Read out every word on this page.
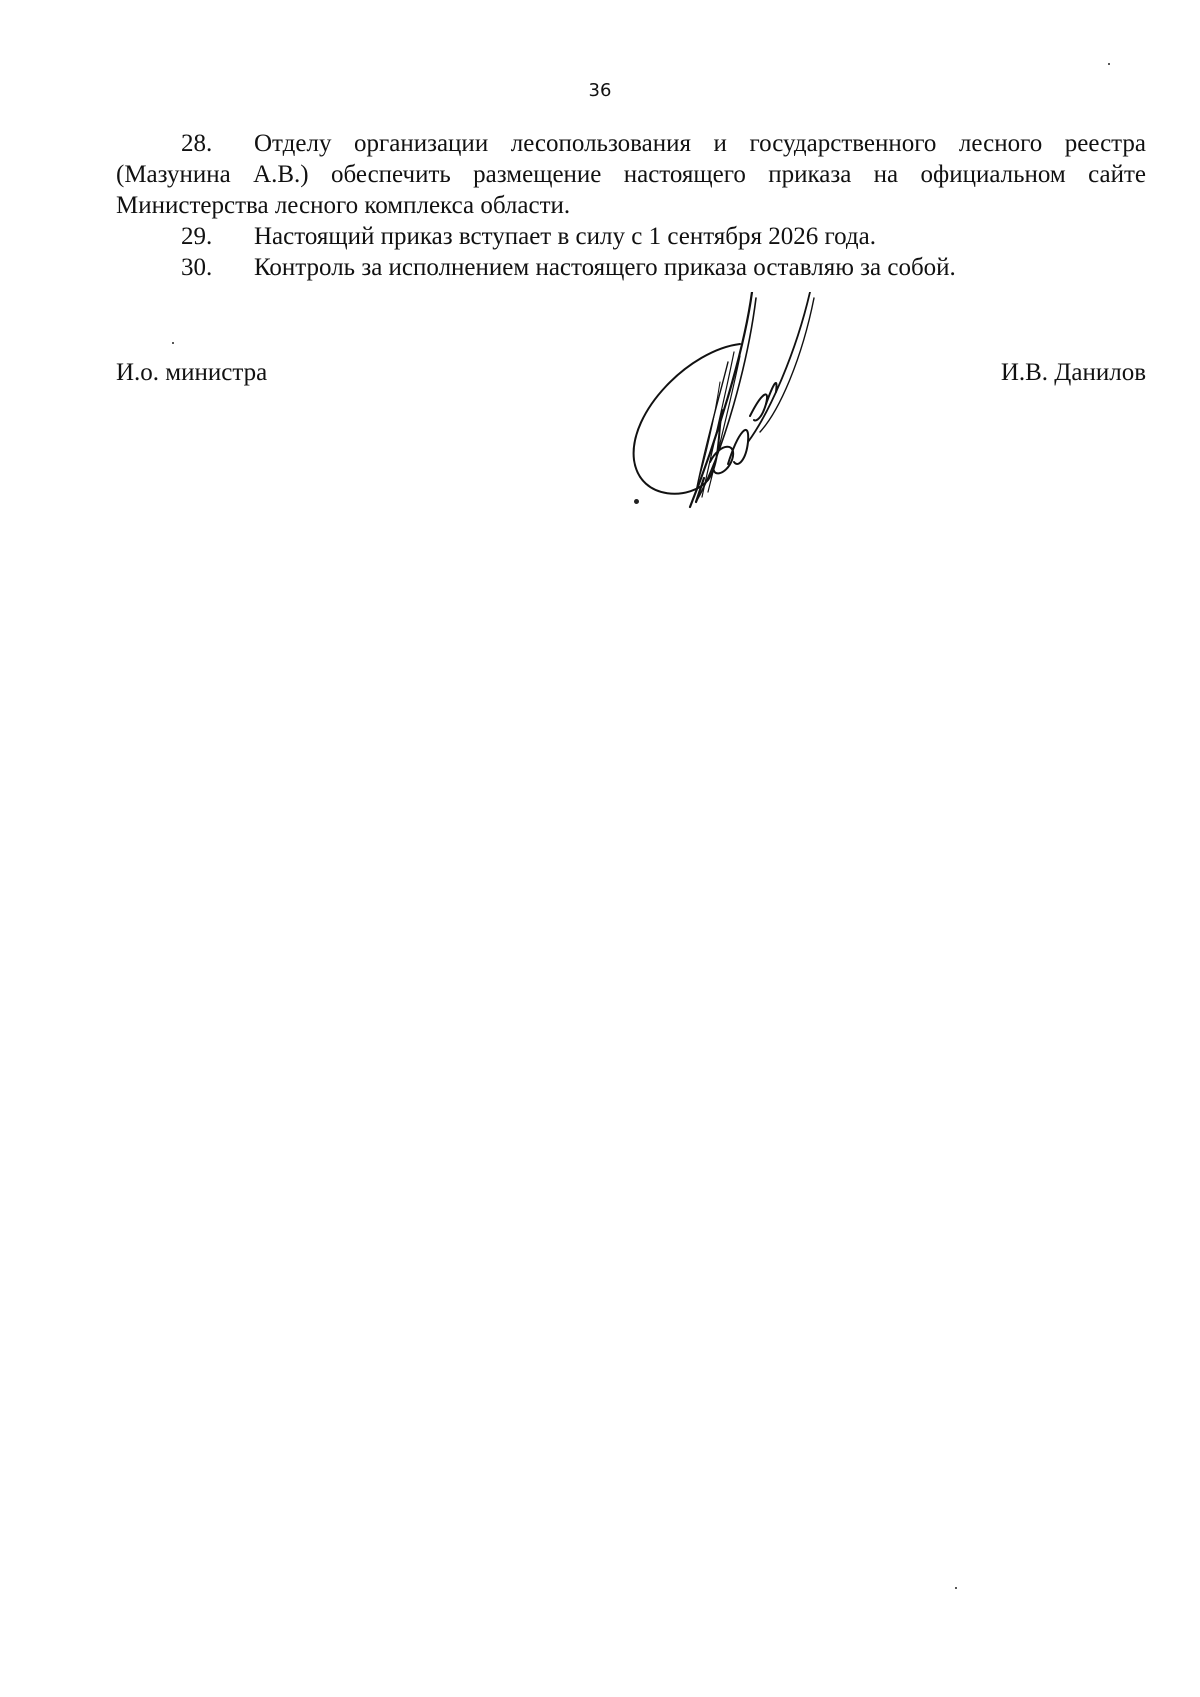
36

28. Отделу организации лесопользования и государственного лесного реестра (Мазунина А.В.) обеспечить размещение настоящего приказа на официальном сайте Министерства лесного комплекса области.

29. Настоящий приказ вступает в силу с 1 сентября 2026 года.

30. Контроль за исполнением настоящего приказа оставляю за собой.

И.о. министра	И.В. Данилов
